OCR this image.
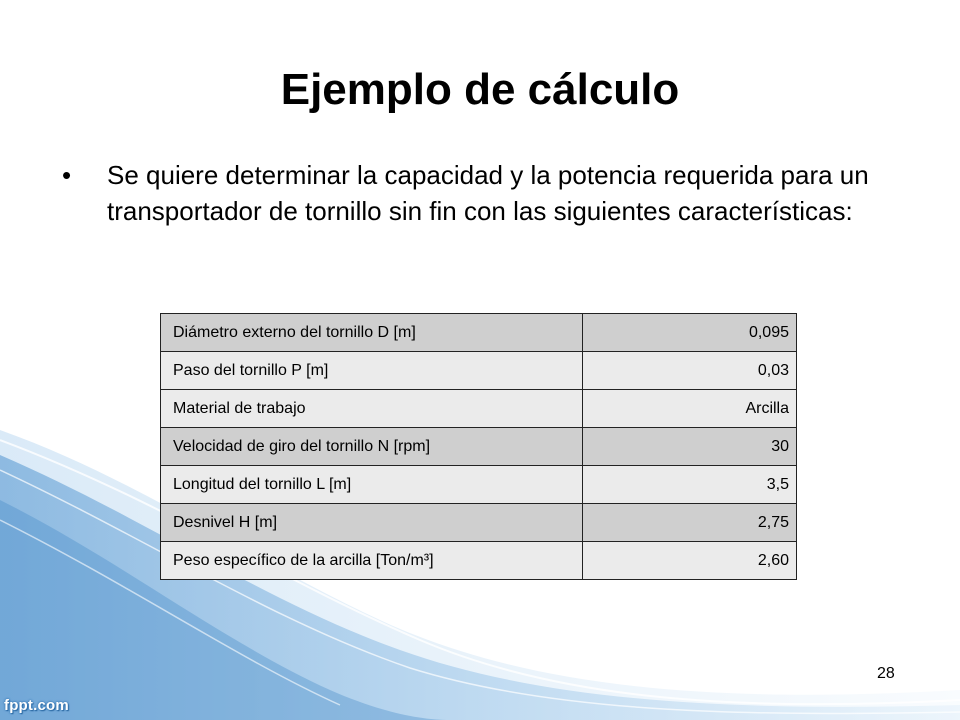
Ejemplo de cálculo
•	Se quiere determinar la capacidad y la potencia requerida para un transportador de tornillo sin fin con las siguientes características:
Diámetro externo del tornillo D [m]	0,095
Paso del tornillo P [m]	0,03
Material de trabajo	Arcilla
Velocidad de giro del tornillo N [rpm]	30
Longitud del tornillo L [m]	3,5
Desnivel H [m]	2,75
Peso específico de la arcilla [Ton/m³]	2,60
28
fppt.com
